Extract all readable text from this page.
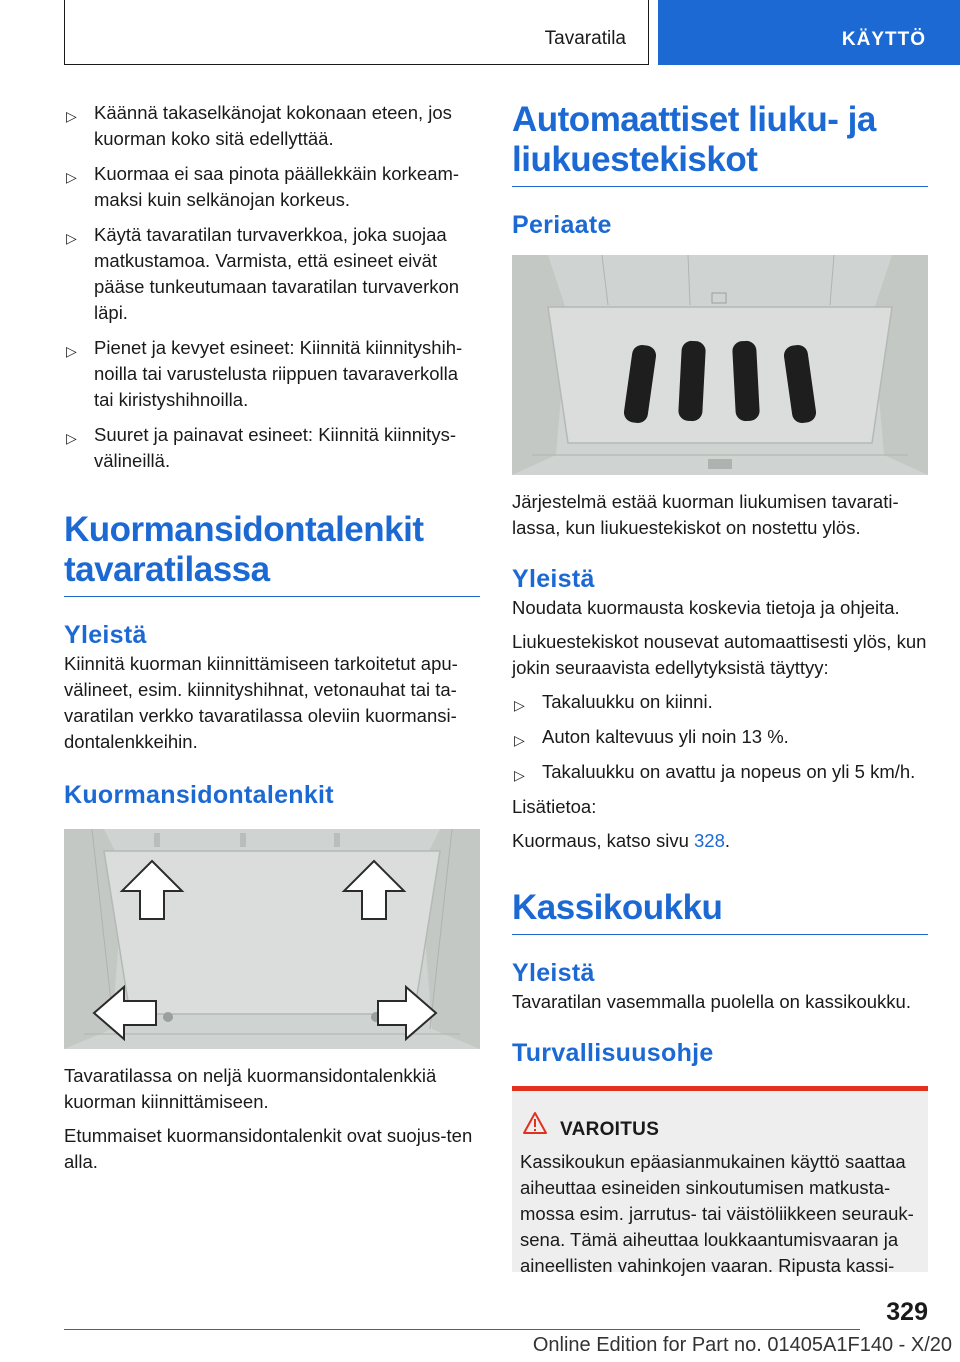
Tavaratila	KÄYTTÖ
▷ Käännä takaselkänojat kokonaan eteen, jos kuorman koko sitä edellyttää.
▷ Kuormaa ei saa pinota päällekkäin korkeam-maksi kuin selkänojan korkeus.
▷ Käytä tavaratilan turvaverkkoa, joka suojaa matkustamoa. Varmista, että esineet eivät pääse tunkeutumaan tavaratilan turvaverkon läpi.
▷ Pienet ja kevyet esineet: Kiinnitä kiinnityshih-noilla tai varustelusta riippuen tavaraverkolla tai kiristyshihnoilla.
▷ Suuret ja painavat esineet: Kiinnitä kiinnitys-välineillä.
Kuormansidontalenkit
tavaratilassa
Yleistä
Kiinnitä kuorman kiinnittämiseen tarkoitetut apu-välineet, esim. kiinnityshihnat, vetonauhat tai ta-varatilan verkko tavaratilassa oleviin kuormansi-dontalenkkeihin.
Kuormansidontalenkit
Tavaratilassa on neljä kuormansidontalenkkiä kuorman kiinnittämiseen.
Etummaiset kuormansidontalenkit ovat suojus-ten alla.
Automaattiset liuku- ja
liukuestekiskot
Periaate
Järjestelmä estää kuorman liukumisen tavarati-lassa, kun liukuestekiskot on nostettu ylös.
Yleistä
Noudata kuormausta koskevia tietoja ja ohjeita.
Liukuestekiskot nousevat automaattisesti ylös, kun jokin seuraavista edellytyksistä täyttyy:
▷ Takaluukku on kiinni.
▷ Auton kaltevuus yli noin 13 %.
▷ Takaluukku on avattu ja nopeus on yli 5 km/h.
Lisätietoa:
Kuormaus, katso sivu 328.
Kassikoukku
Yleistä
Tavaratilan vasemmalla puolella on kassikoukku.
Turvallisuusohje
VAROITUS
Kassikoukun epäasianmukainen käyttö saattaa aiheuttaa esineiden sinkoutumisen matkusta-mossa esim. jarrutus- tai väistöliikkeen seurauk-sena. Tämä aiheuttaa loukkaantumisvaaran ja aineellisten vahinkojen vaaran. Ripusta kassi-
329
Online Edition for Part no. 01405A1F140 - X/20
